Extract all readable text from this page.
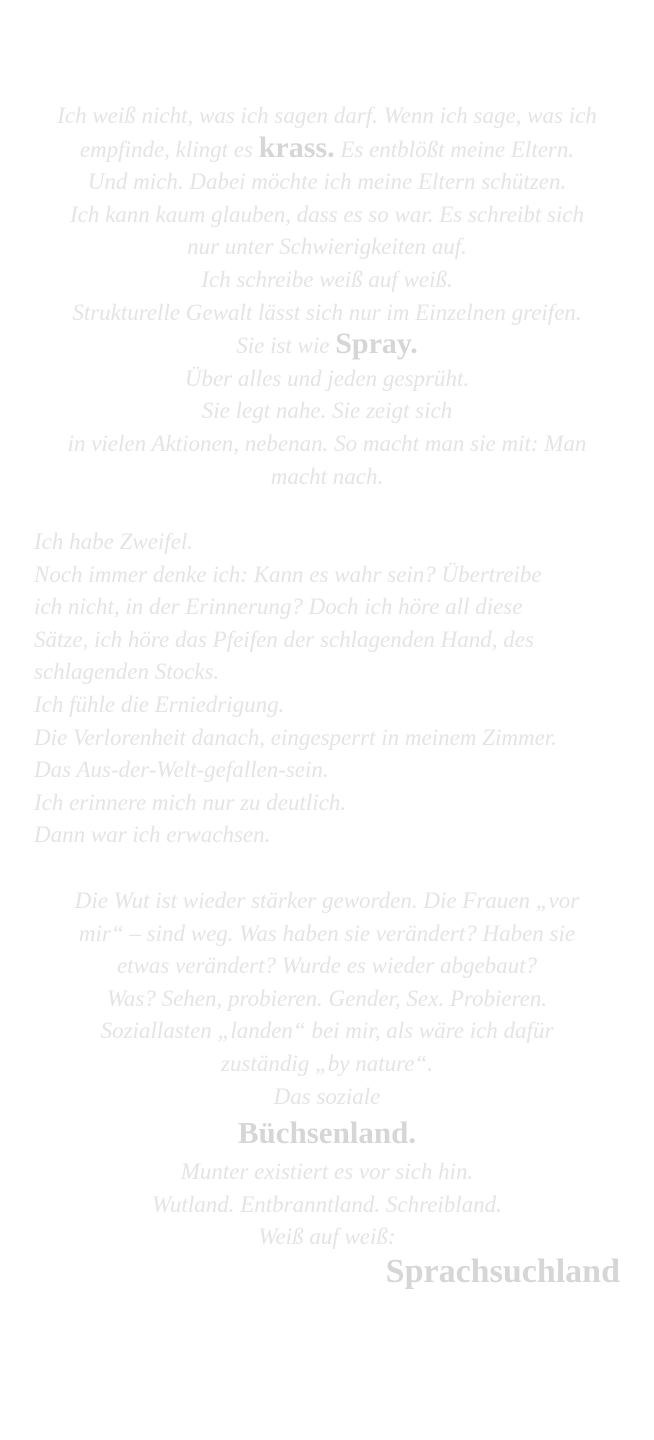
Ich weiß nicht, was ich sagen darf. Wenn ich sage, was ich
empfinde, klingt es krass. Es entblößt meine Eltern.
Und mich. Dabei möchte ich meine Eltern schützen.
Ich kann kaum glauben, dass es so war. Es schreibt sich
nur unter Schwierigkeiten auf.
Ich schreibe weiß auf weiß.
Strukturelle Gewalt lässt sich nur im Einzelnen greifen.
Sie ist wie Spray.
Über alles und jeden gesprüht.
Sie legt nahe. Sie zeigt sich
in vielen Aktionen, nebenan. So macht man sie mit: Man
macht nach.
Ich habe Zweifel.
Noch immer denke ich: Kann es wahr sein? Übertreibe
ich nicht, in der Erinnerung? Doch ich höre all diese
Sätze, ich höre das Pfeifen der schlagenden Hand, des
schlagenden Stocks.
Ich fühle die Erniedrigung.
Die Verlorenheit danach, eingesperrt in meinem Zimmer.
Das Aus-der-Welt-gefallen-sein.
Ich erinnere mich nur zu deutlich.
Dann war ich erwachsen.
Die Wut ist wieder stärker geworden. Die Frauen „vor
mir“ – sind weg. Was haben sie verändert? Haben sie
etwas verändert? Wurde es wieder abgebaut?
Was? Sehen, probieren. Gender, Sex. Probieren.
Soziallasten „landen“ bei mir, als wäre ich dafür
zuständig „by nature“.
Das soziale
Büchsenland.
Munter existiert es vor sich hin.
Wutland. Entbranntland. Schreibland.
Weiß auf weiß:
Sprachsuchland
